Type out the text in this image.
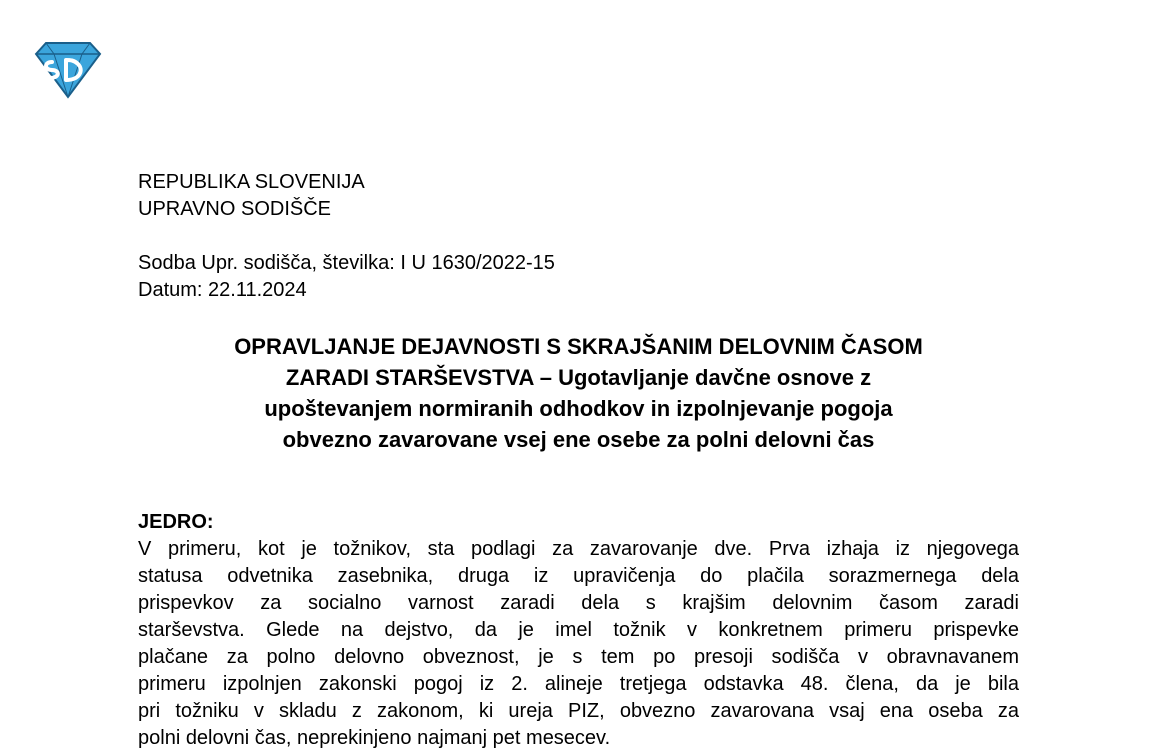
REPUBLIKA SLOVENIJA
UPRAVNO SODIŠČE
Sodba Upr. sodišča, številka: I U 1630/2022-15
Datum: 22.11.2024
OPRAVLJANJE DEJAVNOSTI S SKRAJŠANIM DELOVNIM ČASOM
ZARADI STARŠEVSTVA – Ugotavljanje davčne osnove z
upoštevanjem normiranih odhodkov in izpolnjevanje pogoja
obvezno zavarovane vsej ene osebe za polni delovni čas
JEDRO:
V primeru, kot je tožnikov, sta podlagi za zavarovanje dve. Prva izhaja iz njegovega
statusa odvetnika zasebnika, druga iz upravičenja do plačila sorazmernega dela
prispevkov za socialno varnost zaradi dela s krajšim delovnim časom zaradi
starševstva. Glede na dejstvo, da je imel tožnik v konkretnem primeru prispevke
plačane za polno delovno obveznost, je s tem po presoji sodišča v obravnavanem
primeru izpolnjen zakonski pogoj iz 2. alineje tretjega odstavka 48. člena, da je bila
pri tožniku v skladu z zakonom, ki ureja PIZ, obvezno zavarovana vsaj ena oseba za
polni delovni čas, neprekinjeno najmanj pet mesecev.
